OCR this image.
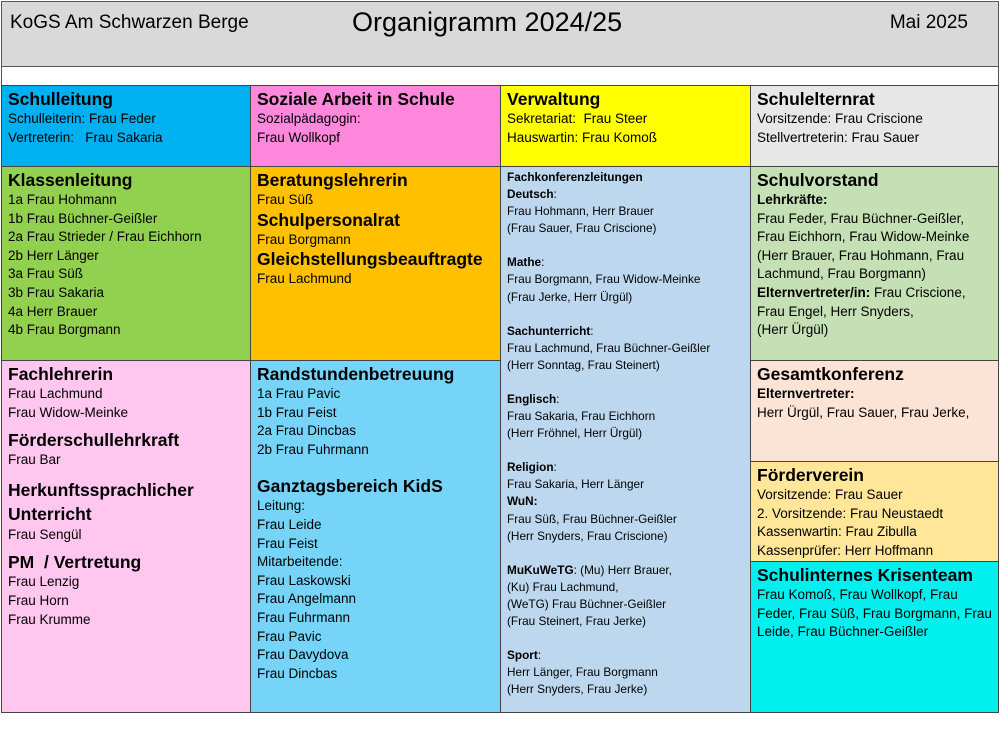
KoGS Am Schwarzen Berge	Organigramm 2024/25	Mai 2025
Schulleitung
Schulleiterin: Frau Feder
Vertreterin:   Frau Sakaria
Soziale Arbeit in Schule
Sozialpädagogin:
Frau Wollkopf
Verwaltung
Sekretariat:  Frau Steer
Hauswartin: Frau Komoß
Schulelternrat
Vorsitzende: Frau Criscione
Stellvertreterin: Frau Sauer
Klassenleitung
1a Frau Hohmann
1b Frau Büchner-Geißler
2a Frau Strieder / Frau Eichhorn
2b Herr Länger
3a Frau Süß
3b Frau Sakaria
4a Herr Brauer
4b Frau Borgmann
Beratungslehrerin
Frau Süß
Schulpersonalrat
Frau Borgmann
Gleichstellungsbeauftragte
Frau Lachmund
Fachkonferenzleitungen
Deutsch:
Frau Hohmann, Herr Brauer
(Frau Sauer, Frau Criscione)
Mathe:
Frau Borgmann, Frau Widow-Meinke
(Frau Jerke, Herr Ürgül)
Sachunterricht:
Frau Lachmund, Frau Büchner-Geißler
(Herr Sonntag, Frau Steinert)
Englisch:
Frau Sakaria, Frau Eichhorn
(Herr Fröhnel, Herr Ürgül)
Religion:
Frau Sakaria, Herr Länger
WuN:
Frau Süß, Frau Büchner-Geißler
(Herr Snyders, Frau Criscione)
MuKuWeTG: (Mu) Herr Brauer,
(Ku) Frau Lachmund,
(WeTG) Frau Büchner-Geißler
(Frau Steinert, Frau Jerke)
Sport:
Herr Länger, Frau Borgmann
(Herr Snyders, Frau Jerke)
Schulvorstand
Lehrkräfte:
Frau Feder, Frau Büchner-Geißler,
Frau Eichhorn, Frau Widow-Meinke
(Herr Brauer, Frau Hohmann, Frau
Lachmund, Frau Borgmann)
Elternvertreter/in: Frau Criscione,
Frau Engel, Herr Snyders,
(Herr Ürgül)
Fachlehrerin
Frau Lachmund
Frau Widow-Meinke
Förderschullehrkraft
Frau Bar
Herkunftssprachlicher
Unterricht
Frau Sengül
PM  / Vertretung
Frau Lenzig
Frau Horn
Frau Krumme
Randstundenbetreuung
1a Frau Pavic
1b Frau Feist
2a Frau Dincbas
2b Frau Fuhrmann
Ganztagsbereich KidS
Leitung:
Frau Leide
Frau Feist
Mitarbeitende:
Frau Laskowski
Frau Angelmann
Frau Fuhrmann
Frau Pavic
Frau Davydova
Frau Dincbas
Gesamtkonferenz
Elternvertreter:
Herr Ürgül, Frau Sauer, Frau Jerke,
Förderverein
Vorsitzende: Frau Sauer
2. Vorsitzende: Frau Neustaedt
Kassenwartin: Frau Zibulla
Kassenprüfer: Herr Hoffmann
Schulinternes Krisenteam
Frau Komoß, Frau Wollkopf, Frau
Feder, Frau Süß, Frau Borgmann, Frau
Leide, Frau Büchner-Geißler
